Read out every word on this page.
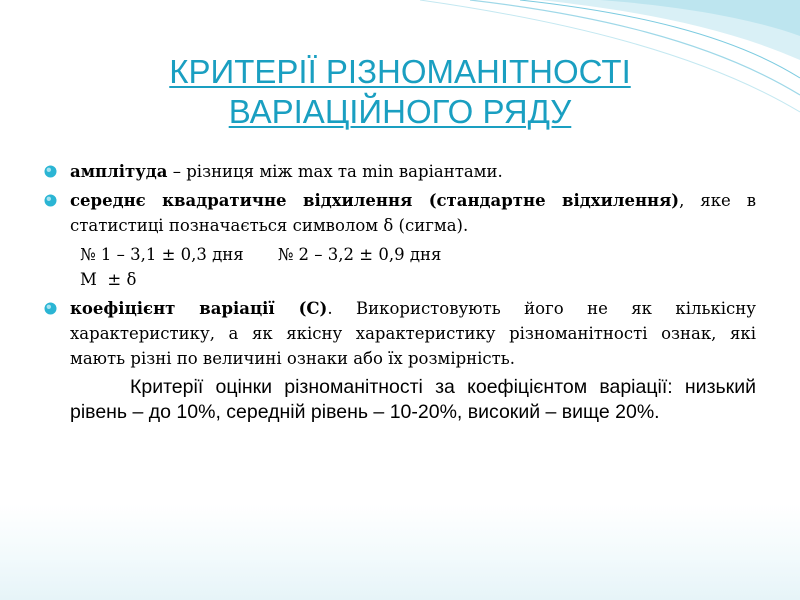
КРИТЕРІЇ РІЗНОМАНІТНОСТІ
ВАРІАЦІЙНОГО РЯДУ
амплітуда – різниця між max та min варіантами.
середнє квадратичне відхилення (стандартне відхилення), яке в статистиці позначається символом δ (сигма).
№ 1 – 3,1 ± 0,3 дня № 2 – 3,2 ± 0,9 дня
M  ± δ
коефіцієнт варіації (С). Використовують його не як кількісну характеристику, а як якісну характеристику різноманітності ознак, які мають різні по величині ознаки або їх розмірність.
Критерії оцінки різноманітності за коефіцієнтом варіації: низький рівень – до 10%, середній рівень – 10-20%, високий – вище 20%.
